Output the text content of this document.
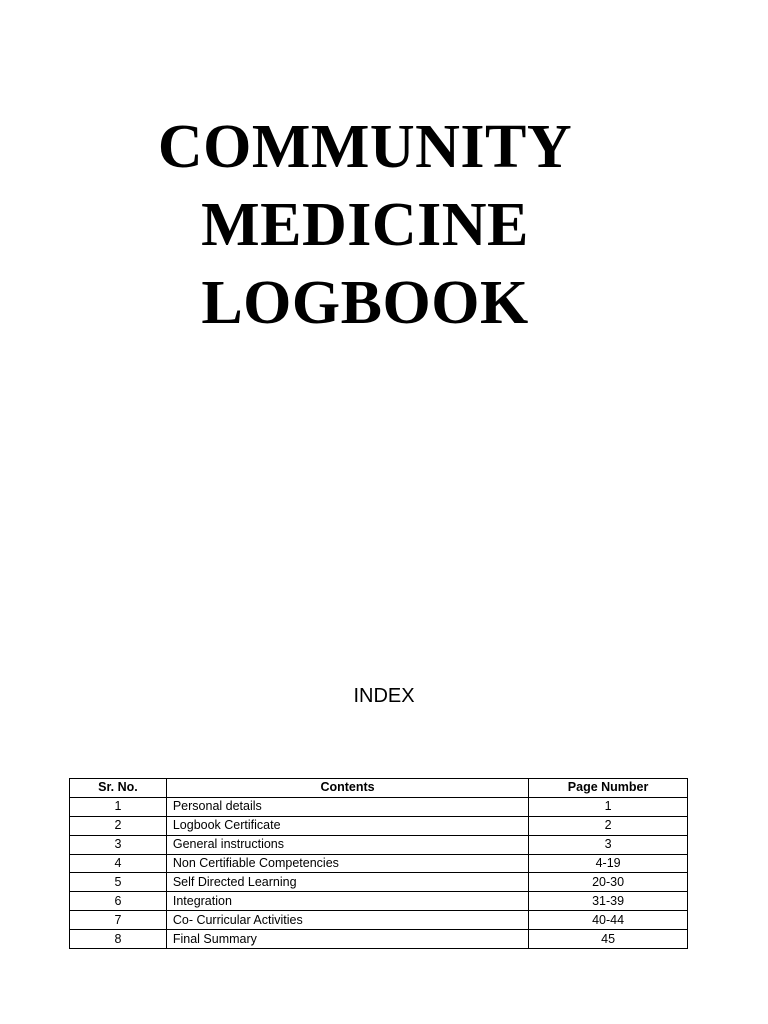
COMMUNITY
MEDICINE
LOGBOOK
INDEX
Sr. No.	Contents	Page Number
1	Personal details	1
2	Logbook Certificate	2
3	General instructions	3
4	Non Certifiable Competencies	4-19
5	Self Directed Learning	20-30
6	Integration	31-39
7	Co- Curricular Activities	40-44
8	Final Summary	45
